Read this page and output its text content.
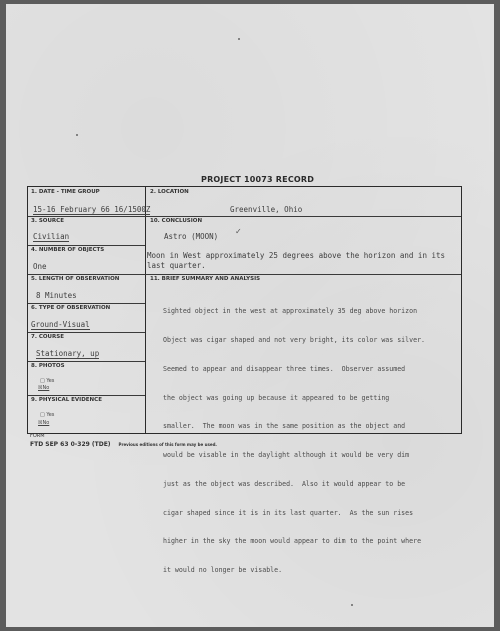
PROJECT 10073 RECORD
1. DATE - TIME GROUP
15-16 February 66 16/1500Z
2. LOCATION
Greenville, Ohio
3. SOURCE
Civilian
10. CONCLUSION
Astro (MOON)
✓
4. NUMBER OF OBJECTS
One
Moon in West approximately 25 degrees above the horizon and in its
last quarter.
5. LENGTH OF OBSERVATION
8 Minutes
11. BRIEF SUMMARY AND ANALYSIS

Sighted object in the west at approximately 35 deg above horizon

Object was cigar shaped and not very bright, its color was silver.

Seemed to appear and disappear three times.  Observer assumed

the object was going up because it appeared to be getting

smaller.  The moon was in the same position as the object and

would be visable in the daylight although it would be very dim

just as the object was described.  Also it would appear to be

cigar shaped since it is in its last quarter.  As the sun rises

higher in the sky the moon would appear to dim to the point where

it would no longer be visable.

6. TYPE OF OBSERVATION
Ground-Visual
7. COURSE
Stationary, up
8. PHOTOS
□ Yes
☒No
9. PHYSICAL EVIDENCE
□ Yes
☒No
FORM
FTD SEP 63 0-329 (TDE) Previous editions of this form may be used.
